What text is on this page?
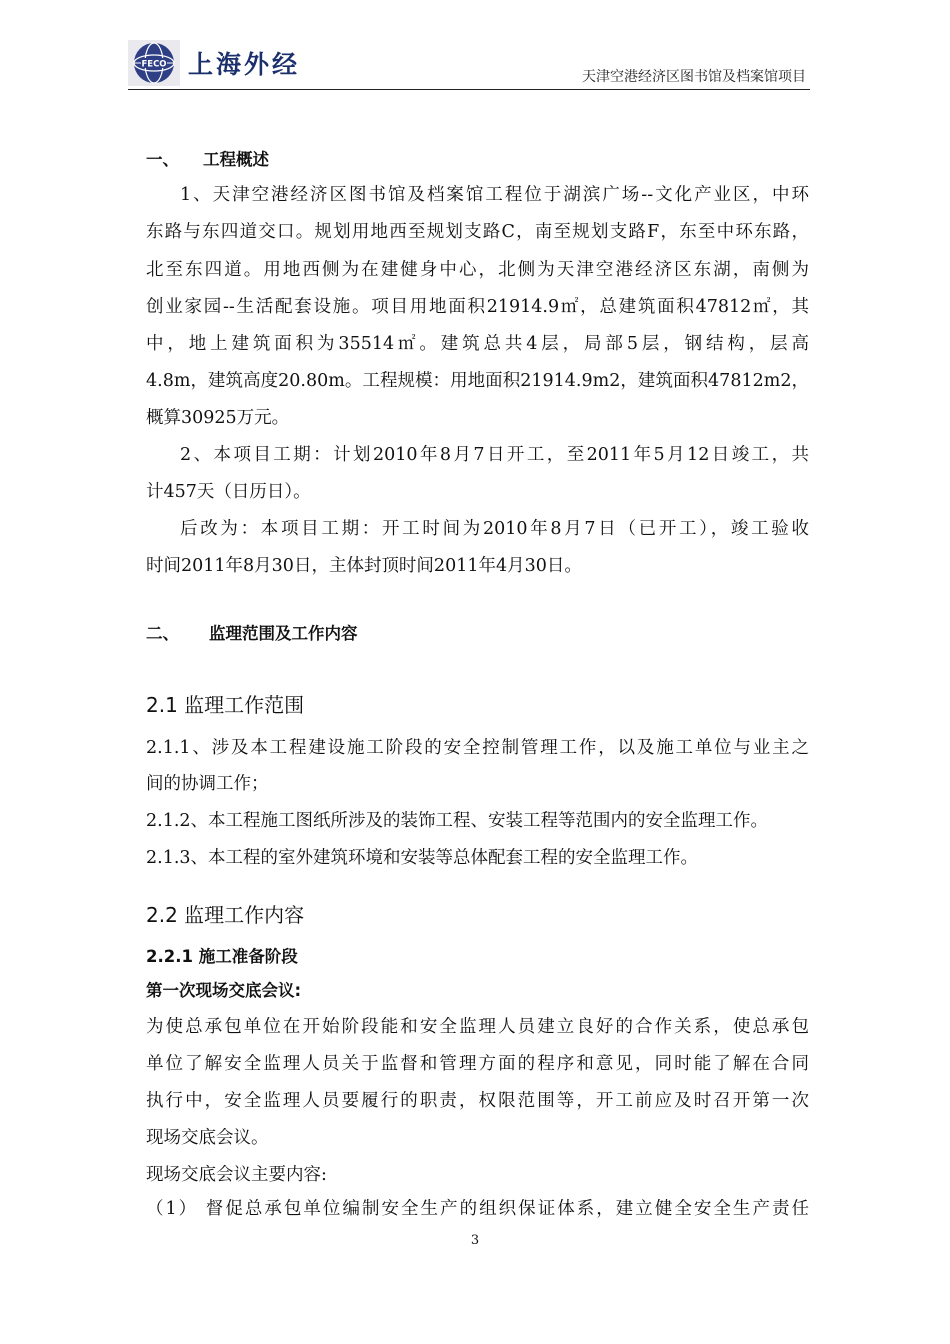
FECO 上海外经	天津空港经济区图书馆及档案馆项目
一、 工程概述
1、天津空港经济区图书馆及档案馆工程位于湖滨广场--文化产业区，中环
东路与东四道交口。规划用地西至规划支路C，南至规划支路F，东至中环东路，
北至东四道。用地西侧为在建健身中心，北侧为天津空港经济区东湖，南侧为
创业家园--生活配套设施。项目用地面积21914.9㎡，总建筑面积47812㎡，其
中，地上建筑面积为35514㎡。建筑总共4层，局部5层，钢结构，层高
4.8m，建筑高度20.80m。工程规模：用地面积21914.9m2，建筑面积47812m2，
概算30925万元。
2、本项目工期：计划2010年8月7日开工，至2011年5月12日竣工，共
计457天（日历日）。
后改为：本项目工期：开工时间为2010年8月7日（已开工），竣工验收
时间2011年8月30日，主体封顶时间2011年4月30日。
二、 监理范围及工作内容
2.1 监理工作范围
2.1.1、涉及本工程建设施工阶段的安全控制管理工作，以及施工单位与业主之
间的协调工作；
2.1.2、本工程施工图纸所涉及的装饰工程、安装工程等范围内的安全监理工作。
2.1.3、本工程的室外建筑环境和安装等总体配套工程的安全监理工作。
2.2 监理工作内容
2.2.1 施工准备阶段
第一次现场交底会议:
为使总承包单位在开始阶段能和安全监理人员建立良好的合作关系，使总承包
单位了解安全监理人员关于监督和管理方面的程序和意见，同时能了解在合同
执行中，安全监理人员要履行的职责，权限范围等，开工前应及时召开第一次
现场交底会议。
现场交底会议主要内容:
（1） 督促总承包单位编制安全生产的组织保证体系，建立健全安全生产责任
3
